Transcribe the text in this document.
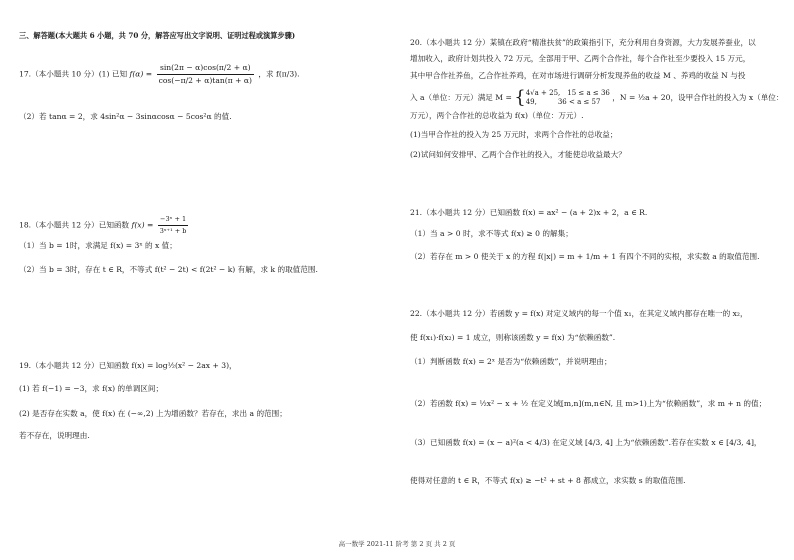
三、解答题(本大题共 6 小题，共 70 分，解答应写出文字说明、证明过程或演算步骤)
17.（本小题共 10 分）(1) 已知 $f(\alpha) = \frac{\sin(2\pi - \alpha)\cos(\pi/2 + \alpha)}{\cos(-\pi/2 + \alpha)\tan(\pi + \alpha)}$ ，求 f(π/3).
（2）若 tanα = 2，求 4sin²α − 3sinαcosα − 5cos²α 的值.
18.（本小题共 12 分）已知函数 $f(x) = \frac{\text{−3ˣ + 1}}{\text{3ˣ⁺¹ + b}}$
（1）当 b = 1时，求满足 f(x) = 3ˣ 的 x 值；
（2）当 b = 3时，存在 t ∈ R，不等式 f(t² − 2t) < f(2t² − k) 有解，求 k 的取值范围.
19.（本小题共 12 分）已知函数 f(x) = log½(x² − 2ax + 3)，
(1) 若 f(−1) = −3，求 f(x) 的单调区间；
(2) 是否存在实数 a，使 f(x) 在 (−∞,2) 上为增函数？若存在，求出 a 的范围；
若不存在，说明理由.
20.（本小题共 12 分）某镇在政府“精准扶贫”的政策指引下，充分利用自身资源，大力发展养蚕业，以
增加收入，政府计划共投入 72 万元，全部用于甲、乙两个合作社，每个合作社至少要投入 15 万元，
其中甲合作社养鱼，乙合作社养鸡，在对市场进行调研分析发现养鱼的收益 M 、养鸡的收益 N 与投
入 a（单位：万元）满足 M = { 4√a + 25,　15 ≤ a ≤ 36
49,　　　36 < a ≤ 57	，N = ½a + 20，设甲合作社的投入为 x（单位：
万元），两个合作社的总收益为 f(x)（单位：万元）.
(1)当甲合作社的投入为 25 万元时，求两个合作社的总收益；
(2)试问如何安排甲、乙两个合作社的投入，才能使总收益最大？
21.（本小题共 12 分）已知函数 f(x) = ax² − (a + 2)x + 2，a ∈ R.
（1）当 a > 0 时，求不等式 f(x) ≥ 0 的解集；
（2）若存在 m > 0 使关于 x 的方程 f(|x|) = m + 1/m + 1 有四个不同的实根，求实数 a 的取值范围.
22.（本小题共 12 分）若函数 y = f(x) 对定义域内的每一个值 x₁，在其定义域内都存在唯一的 x₂，
使 f(x₁)·f(x₂) = 1 成立，则称该函数 y = f(x) 为“依赖函数”.
（1）判断函数 f(x) = 2ˣ 是否为“依赖函数”，并说明理由；
（2）若函数 f(x) = ½x² − x + ½ 在定义域[m,n](m,n∈N, 且 m>1)上为“依赖函数”，求 m + n 的值；
（3）已知函数 f(x) = (x − a)²(a < 4/3) 在定义域 [4/3, 4] 上为“依赖函数”.若存在实数 x ∈ [4/3, 4]，
使得对任意的 t ∈ R，不等式 f(x) ≥ −t² + st + 8 都成立，求实数 s 的取值范围.
高一数学 2021-11 阶考 第 2 页 共 2 页
